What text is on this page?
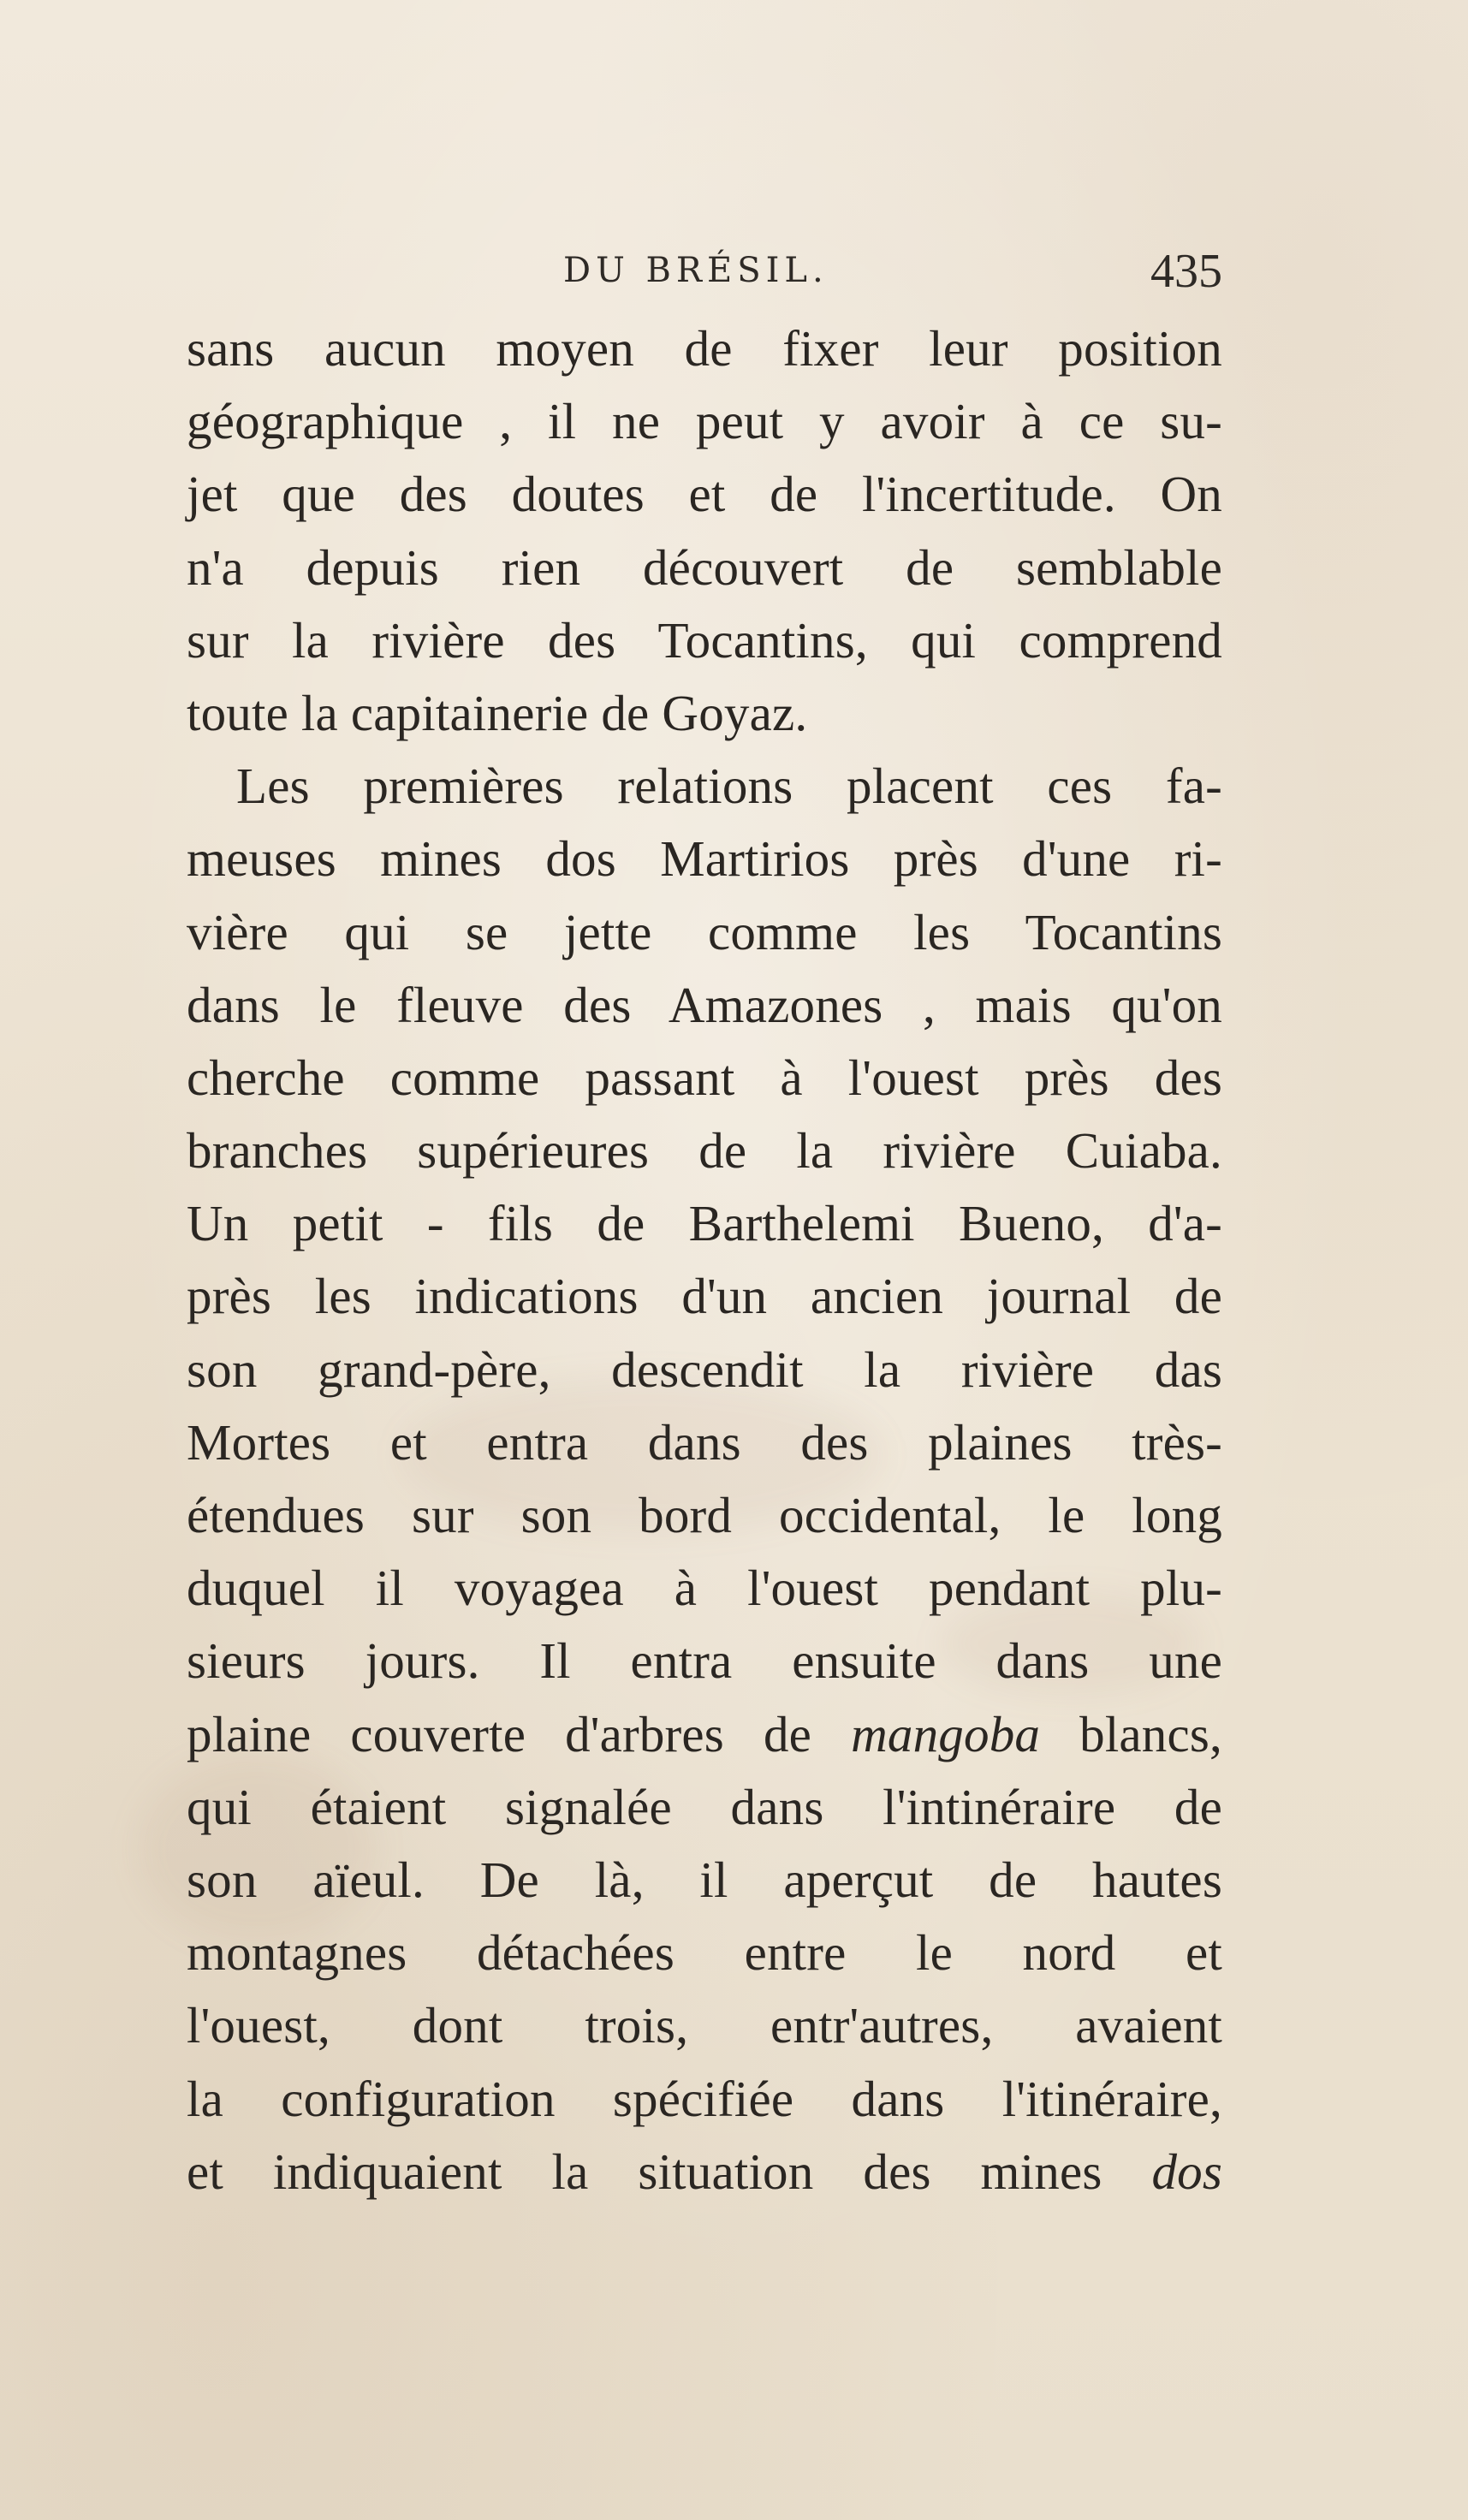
DU BRÉSIL.	435
sans aucun moyen de fixer leur position
géographique , il ne peut y avoir à ce su-
jet que des doutes et de l'incertitude. On
n'a depuis rien découvert de semblable
sur la rivière des Tocantins, qui comprend
toute la capitainerie de Goyaz.
Les premières relations placent ces fa-
meuses mines dos Martirios près d'une ri-
vière qui se jette comme les Tocantins
dans le fleuve des Amazones , mais qu'on
cherche comme passant à l'ouest près des
branches supérieures de la rivière Cuiaba.
Un petit - fils de Barthelemi Bueno, d'a-
près les indications d'un ancien journal de
son grand-père, descendit la rivière das
Mortes et entra dans des plaines très-
étendues sur son bord occidental, le long
duquel il voyagea à l'ouest pendant plu-
sieurs jours. Il entra ensuite dans une
plaine couverte d'arbres de mangoba blancs,
qui étaient signalée dans l'intinéraire de
son aïeul. De là, il aperçut de hautes
montagnes détachées entre le nord et
l'ouest, dont trois, entr'autres, avaient
la configuration spécifiée dans l'itinéraire,
et indiquaient la situation des mines dos
